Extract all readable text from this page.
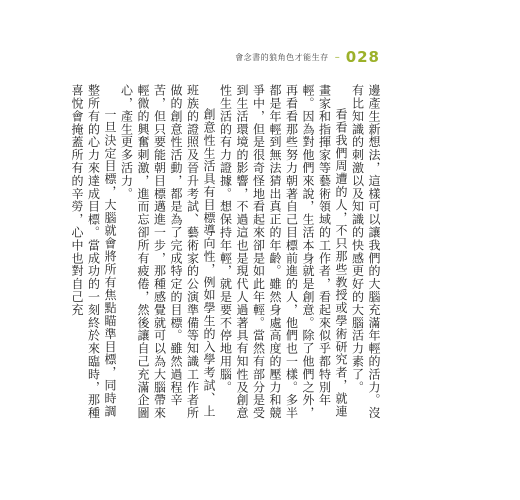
會念書的狼角色才能生存 – 028

邊產生新想法，這樣可以讓我們的大腦充滿年輕的活力。沒有比知識的刺激以及知識的快感更好的大腦活力素了。

看看我們周遭的人，不只那些教授或學術研究者，就連畫家和指揮家等藝術領域的工作者，看起來似乎都特別年輕。因為對他們來說，生活本身就是創意。除了他們之外，再看看那些努力朝著自己目標前進的人，他們也一樣。多半都是年輕到無法猜出真正的年齡。雖然身處高度的壓力和競爭中，但是很奇怪地看起來卻是如此年輕。當然有部分是受到生活環境的影響，不過這也是現代人過著具有知性及創意性生活的有力證據。想保持年輕，就是要不停地用腦。

創意性生活具有目標導向性，例如學生的入學考試、上班族的證照及晉升考試、藝術家的公演準備等知識工作者所做的創意性活動，都是為了完成特定的目標。雖然過程辛苦，但只要能朝目標邁進一步，那種感覺就可以為大腦帶來輕微的興奮刺激，進而忘卻所有疲倦，然後讓自己充滿企圖心，產生更多活力。

一旦決定目標，大腦就會將所有焦點瞄準目標，同時調整所有的心力來達成目標。當成功的一刻終於來臨時，那種喜悅會掩蓋所有的辛勞，心中也對自己充
